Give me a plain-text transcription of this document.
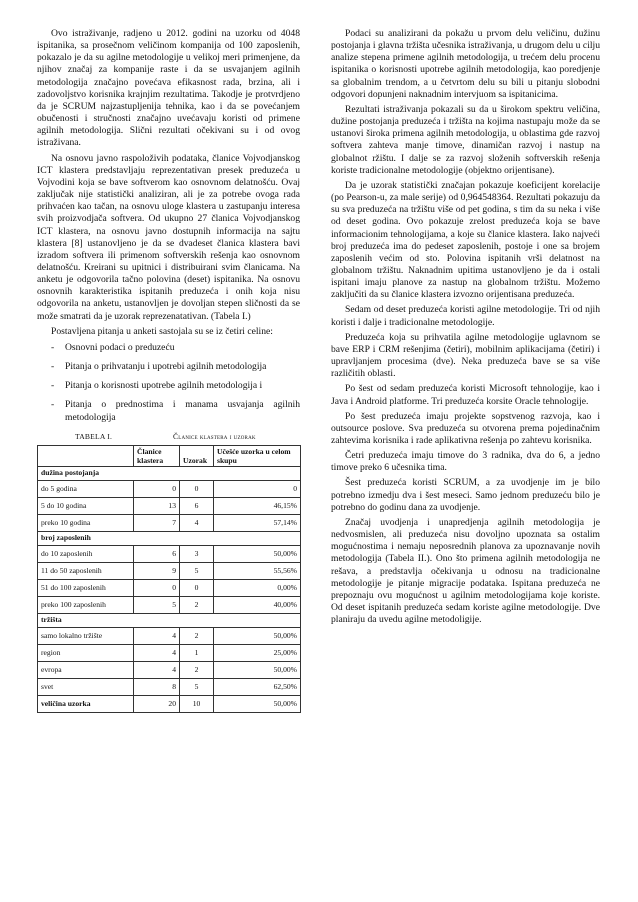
Ovo istraživanje, radjeno u 2012. godini na uzorku od 4048 ispitanika, sa prosečnom veličinom kompanija od 100 zaposlenih, pokazalo je da su agilne metodologije u velikoj meri primenjene, da njihov značaj za kompanije raste i da se usvajanjem agilnih metodologija značajno povećava efikasnost rada, brzina, ali i zadovoljstvo korisnika krajnjim rezultatima. Takodje je protvrdjeno da je SCRUM najzastupljenija tehnika, kao i da se povećanjem obučenosti i stručnosti značajno uvećavaju koristi od primene agilnih metodologija. Slični rezultati očekivani su i od ovog istraživana.

Na osnovu javno raspoloživih podataka, članice Vojvodjanskog ICT klastera predstavljaju reprezentativan presek preduzeća u Vojvodini koja se bave softverom kao osnovnom delatnošću. Ovaj zaključak nije statistički analiziran, ali je za potrebe ovoga rada prihvaćen kao tačan, na osnovu uloge klastera u zastupanju interesa svih proizvodjača softvera. Od ukupno 27 članica Vojvodjanskog ICT klastera, na osnovu javno dostupnih informacija na sajtu klastera [8] ustanovljeno je da se dvadeset članica klastera bavi izradom softvera ili primenom softverskih rešenja kao osnovnom delatnošću. Kreirani su upitnici i distribuirani svim članicama. Na anketu je odgovorila tačno polovina (deset) ispitanika. Na osnovu osnovnih karakteristika ispitanih preduzeća i onih koja nisu odgovorila na anketu, ustanovljen je dovoljan stepen sličnosti da se može smatrati da je uzorak reprezenatativan. (Tabela I.)

Postavljena pitanja u anketi sastojala su se iz četiri celine:

- Osnovni podaci o preduzeću
- Pitanja o prihvatanju i upotrebi agilnih metodologija
- Pitanja o korisnosti upotrebe agilnih metodologija i
- Pitanja o prednostima i manama usvajanja agilnih metodologija
TABELA I.	Članice klastera i uzorak
	Članice klastera	Uzorak	Učešće uzorka u celom skupu
dužina postojanja			
do 5 godina	0	0	0
5 do 10 godina	13	6	46,15%
preko 10 godina	7	4	57,14%
broj zaposlenih			
do 10 zaposlenih	6	3	50,00%
11 do 50 zaposlenih	9	5	55,56%
51 do 100 zaposlenih	0	0	0,00%
preko 100 zaposlenih	5	2	40,00%
tržišta			
samo lokalno tržište	4	2	50,00%
region	4	1	25,00%
evropa	4	2	50,00%
svet	8	5	62,50%
veličina uzorka	20	10	50,00%

Podaci su analizirani da pokažu u prvom delu veličinu, dužinu postojanja i glavna tržišta učesnika istraživanja, u drugom delu u cilju analize stepena primene agilnih metodologija, u trećem delu procenu ispitanika o korisnosti upotrebe agilnih metodologija, kao poredjenje sa globalnim trendom, a u četvrtom delu su bili u pitanju slobodni odgovori dopunjeni naknadnim intervjuom sa ispitanicima.

Rezultati istraživanja pokazali su da u širokom spektru veličina, dužine postojanja preduzeća i tržišta na kojima nastupaju može da se ustanovi široka primena agilnih metodologija, u oblastima gde razvoj softvera zahteva manje timove, dinamičan razvoj i nastup na globalnot ržištu. I dalje se za razvoj složenih softverskih rešenja koriste tradicionalne metodologije (objektno orijentisane).

Da je uzorak statistički značajan pokazuje koeficijent korelacije (po Pearson-u, za male serije) od 0,964548364. Rezultati pokazuju da su sva preduzeća na tržištu više od pet godina, s tim da su neka i više od deset godina. Ovo pokazuje zrelost preduzeća koja se bave informacionim tehnologijama, a koje su članice klastera. Iako najveći broj preduzeća ima do pedeset zaposlenih, postoje i one sa brojem zaposlenih većim od sto. Polovina ispitanih vrši delatnost na globalnom tržištu. Naknadnim upitima ustanovljeno je da i ostali ispitani imaju planove za nastup na globalnom tržištu. Možemo zaključiti da su članice klastera izvozno orijentisana preduzeća.

Sedam od deset preduzeća koristi agilne metodologije. Tri od njih koristi i dalje i tradicionalne metodologije.

Preduzeća koja su prihvatila agilne metodologije uglavnom se bave ERP i CRM rešenjima (četiri), mobilnim aplikacijama (četiri) i upravljanjem procesima (dve). Neka preduzeća bave se sa više različitih oblasti.

Po šest od sedam preduzeća koristi Microsoft tehnologije, kao i Java i Android platforme. Tri preduzeća korsite Oracle tehnologije.

Po šest preduzeća imaju projekte sopstvenog razvoja, kao i outsource poslove. Sva preduzeća su otvorena prema pojedinačnim zahtevima korisnika i rade aplikativna rešenja po zahtevu korisnika.

Četri preduzeća imaju timove do 3 radnika, dva do 6, a jedno timove preko 6 učesnika tima.

Šest preduzeća koristi SCRUM, a za uvodjenje im je bilo potrebno izmedju dva i šest meseci. Samo jednom preduzeću bilo je potrebno do godinu dana za uvodjenje.

Značaj uvodjenja i unapredjenja agilnih metodologija je nedvosmislen, ali preduzeća nisu dovoljno upoznata sa ostalim mogućnostima i nemaju neposrednih planova za upoznavanje novih metodologija (Tabela II.). Ono što primena agilnih metodologija ne rešava, a predstavlja očekivanja u odnosu na tradicionalne metodologije je pitanje migracije podataka. Ispitana preduzeća ne prepoznaju ovu mogućnost u agilnim metodologijama koje koriste. Od deset ispitanih preduzeća sedam koriste agilne metodologije. Dve planiraju da uvedu agilne metodoligije.
